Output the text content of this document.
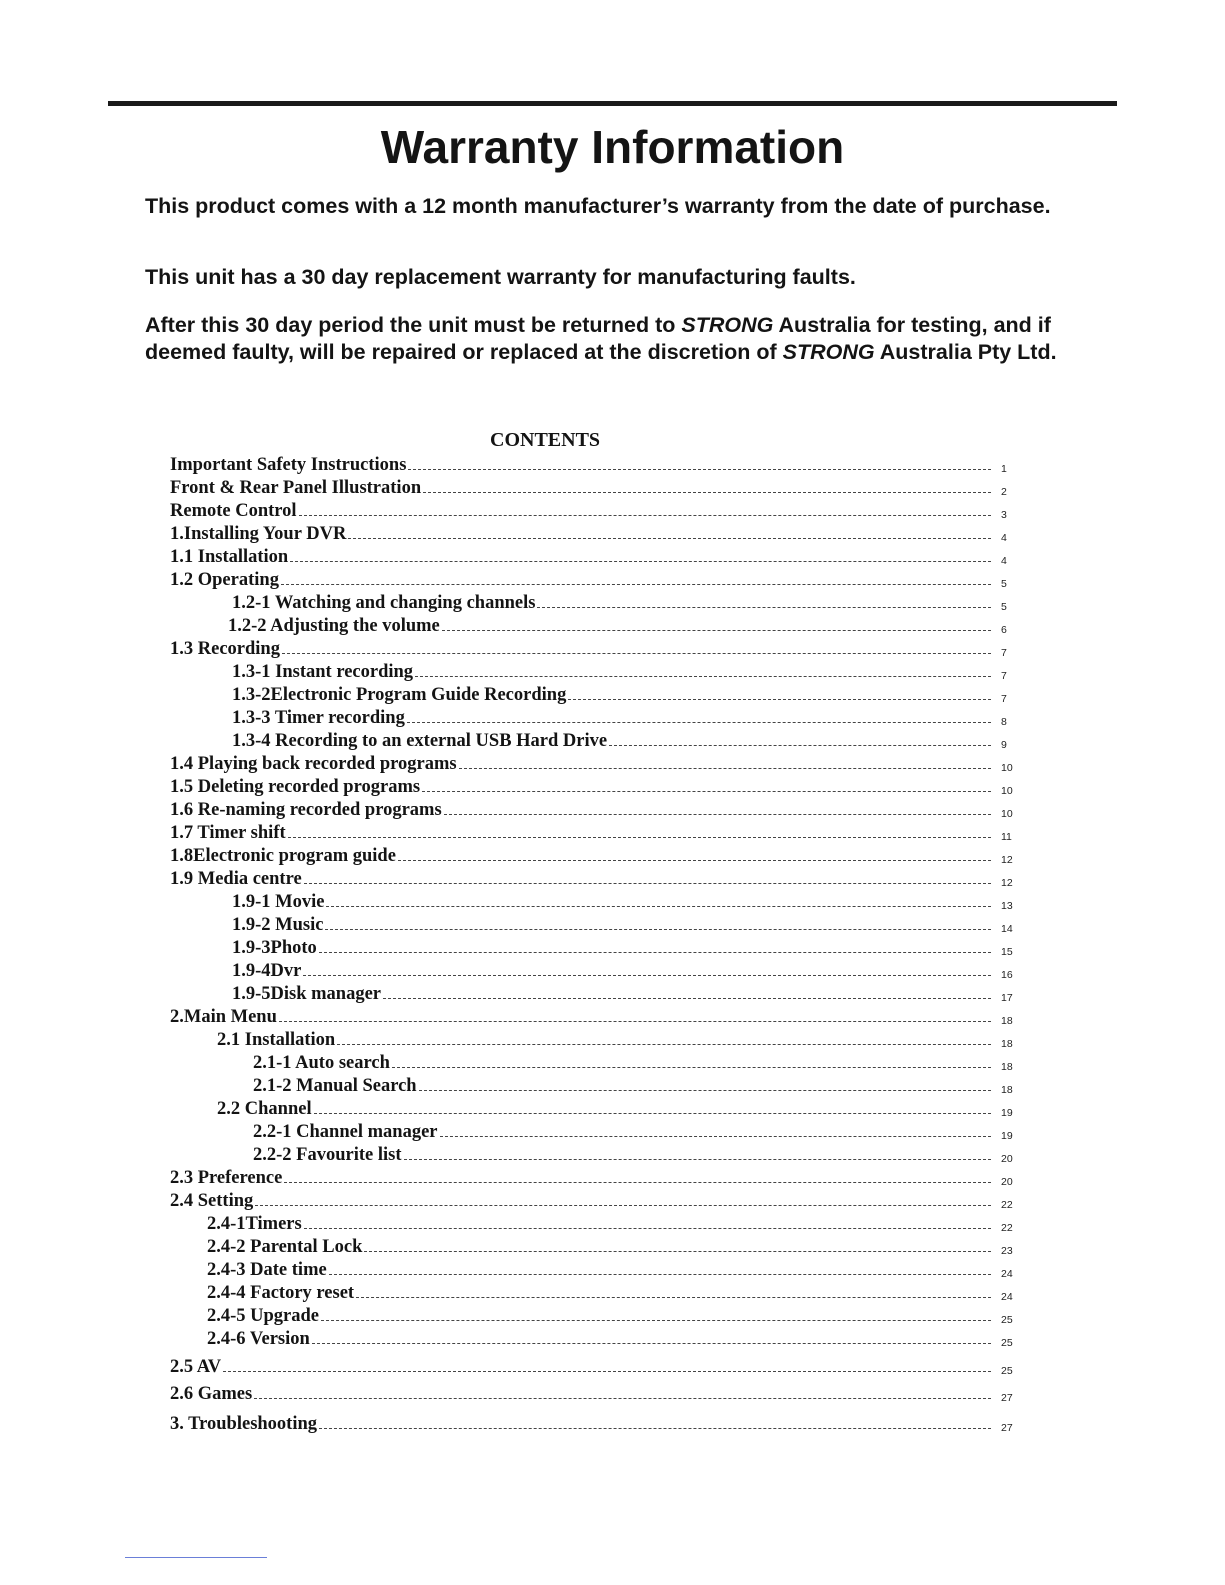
Warranty Information

This product comes with a 12 month manufacturer’s warranty from the date of purchase.

This unit has a 30 day replacement warranty for manufacturing faults.

After this 30 day period the unit must be returned to STRONG Australia for testing, and if deemed faulty, will be repaired or replaced at the discretion of STRONG Australia Pty Ltd.

CONTENTS
Important Safety Instructions	1
Front & Rear Panel Illustration	2
Remote Control	3
1.Installing Your DVR	4
1.1 Installation	4
1.2 Operating	5
1.2-1 Watching and changing channels	5
1.2-2 Adjusting the volume	6
1.3 Recording	7
1.3-1 Instant recording	7
1.3-2Electronic Program Guide Recording	7
1.3-3 Timer recording	8
1.3-4 Recording to an external USB Hard Drive	9
1.4 Playing back recorded programs	10
1.5 Deleting recorded programs	10
1.6 Re-naming recorded programs	10
1.7 Timer shift	11
1.8Electronic program guide	12
1.9 Media centre	12
1.9-1 Movie	13
1.9-2 Music	14
1.9-3Photo	15
1.9-4Dvr	16
1.9-5Disk manager	17
2.Main Menu	18
2.1 Installation	18
2.1-1 Auto search	18
2.1-2 Manual Search	18
2.2 Channel	19
2.2-1 Channel manager	19
2.2-2 Favourite list	20
2.3 Preference	20
2.4 Setting	22
2.4-1Timers	22
2.4-2 Parental Lock	23
2.4-3 Date time	24
2.4-4 Factory reset	24
2.4-5 Upgrade	25
2.4-6 Version	25
2.5 AV	25
2.6 Games	27
3. Troubleshooting	27
